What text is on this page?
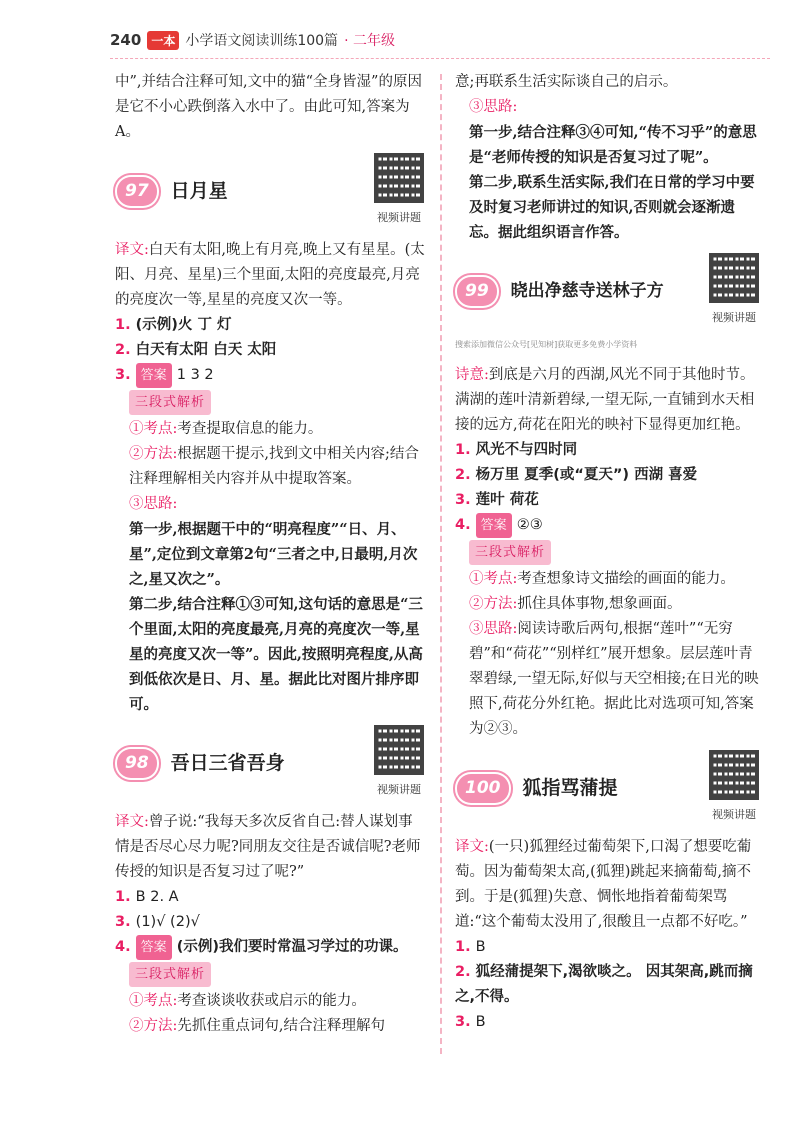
240 一本 小学语文阅读训练100篇 · 二年级

中”,并结合注释可知,文中的猫“全身皆湿”的原因是它不小心跌倒落入水中了。由此可知,答案为A。

97	日月星
视频讲题

译文:白天有太阳,晚上有月亮,晚上又有星星。(太阳、月亮、星星)三个里面,太阳的亮度最亮,月亮的亮度次一等,星星的亮度又次一等。

1. (示例)火 丁 灯

2. 白天有太阳 白天 太阳

3. 答案 1 3 2

三段式解析

①考点:考查提取信息的能力。

②方法:根据题干提示,找到文中相关内容;结合注释理解相关内容并从中提取答案。

③思路:

第一步,根据题干中的“明亮程度”“日、月、星”,定位到文章第2句“三者之中,日最明,月次之,星又次之”。

第二步,结合注释①③可知,这句话的意思是“三个里面,太阳的亮度最亮,月亮的亮度次一等,星星的亮度又次一等”。因此,按照明亮程度,从高到低依次是日、月、星。据此比对图片排序即可。

98	吾日三省吾身
视频讲题

译文:曾子说:“我每天多次反省自己:替人谋划事情是否尽心尽力呢?同朋友交往是否诚信呢?老师传授的知识是否复习过了呢?”

1. B 2. A

3. (1)√ (2)√

4. 答案 (示例)我们要时常温习学过的功课。

三段式解析

①考点:考查谈谈收获或启示的能力。

②方法:先抓住重点词句,结合注释理解句

意;再联系生活实际谈自己的启示。

③思路:

第一步,结合注释③④可知,“传不习乎”的意思是“老师传授的知识是否复习过了呢”。

第二步,联系生活实际,我们在日常的学习中要及时复习老师讲过的知识,否则就会逐渐遗忘。据此组织语言作答。

99	晓出净慈寺送林子方
视频讲题

搜索添加微信公众号[见知树]获取更多免费小学资料

诗意:到底是六月的西湖,风光不同于其他时节。满湖的莲叶清新碧绿,一望无际,一直铺到水天相接的远方,荷花在阳光的映衬下显得更加红艳。

1. 风光不与四时同

2. 杨万里 夏季(或“夏天”) 西湖 喜爱

3. 莲叶 荷花

4. 答案 ②③

三段式解析

①考点:考查想象诗文描绘的画面的能力。

②方法:抓住具体事物,想象画面。

③思路:阅读诗歌后两句,根据“莲叶”“无穷碧”和“荷花”“别样红”展开想象。层层莲叶青翠碧绿,一望无际,好似与天空相接;在日光的映照下,荷花分外红艳。据此比对选项可知,答案为②③。

100	狐指骂蒲提
视频讲题

译文:(一只)狐狸经过葡萄架下,口渴了想要吃葡萄。因为葡萄架太高,(狐狸)跳起来摘葡萄,摘不到。于是(狐狸)失意、惆怅地指着葡萄架骂道:“这个葡萄太没用了,很酸且一点都不好吃。”

1. B

2. 狐经蒲提架下,渴欲啖之。 因其架高,跳而摘之,不得。

3. B
